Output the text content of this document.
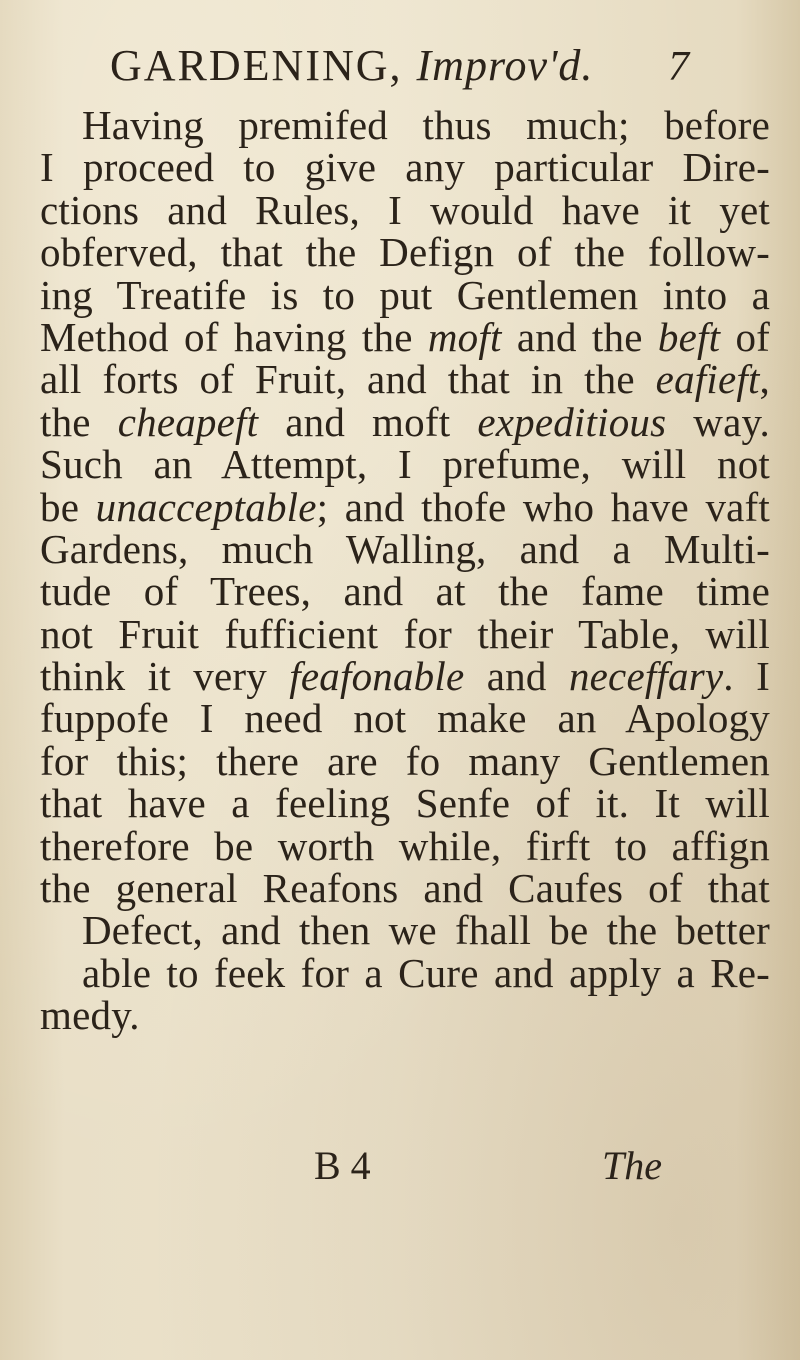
GARDENING, Improv'd. 7
Having premifed thus much; before
I proceed to give any particular Dire-
ctions and Rules, I would have it yet
obferved, that the Defign of the follow-
ing Treatife is to put Gentlemen into a
Method of having the moft and the beft of
all forts of Fruit, and that in the eafieft,
the cheapeft and moft expeditious way.
Such an Attempt, I prefume, will not
be unacceptable; and thofe who have vaft
Gardens, much Walling, and a Multi-
tude of Trees, and at the fame time
not Fruit fufficient for their Table, will
think it very feafonable and neceffary. I
fuppofe I need not make an Apology
for this; there are fo many Gentlemen
that have a feeling Senfe of it. It will
therefore be worth while, firft to affign
the general Reafons and Caufes of that
Defect, and then we fhall be the better
able to feek for a Cure and apply a Re-
medy.
B 4	The
